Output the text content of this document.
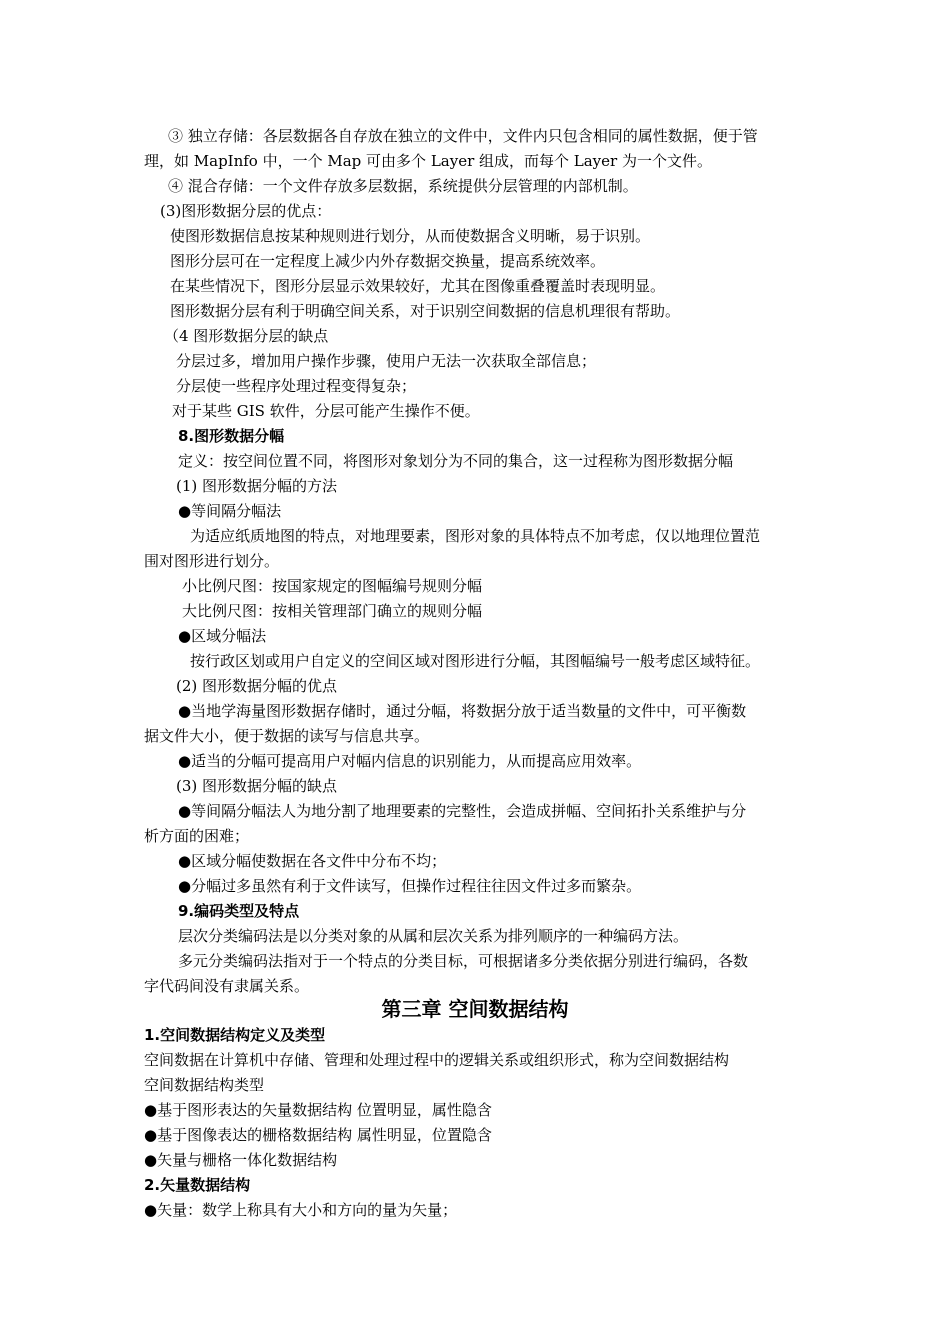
③ 独立存储：各层数据各自存放在独立的文件中，文件内只包含相同的属性数据，便于管
理，如 MapInfo 中，一个 Map 可由多个 Layer 组成，而每个 Layer 为一个文件。
④ 混合存储：一个文件存放多层数据，系统提供分层管理的内部机制。
(3)图形数据分层的优点：
使图形数据信息按某种规则进行划分，从而使数据含义明晰，易于识别。
图形分层可在一定程度上减少内外存数据交换量，提高系统效率。
在某些情况下，图形分层显示效果较好，尤其在图像重叠覆盖时表现明显。
图形数据分层有利于明确空间关系，对于识别空间数据的信息机理很有帮助。
（4 图形数据分层的缺点
分层过多，增加用户操作步骤，使用户无法一次获取全部信息；
分层使一些程序处理过程变得复杂；
对于某些 GIS 软件，分层可能产生操作不便。
8.图形数据分幅
定义：按空间位置不同，将图形对象划分为不同的集合，这一过程称为图形数据分幅
(1) 图形数据分幅的方法
●等间隔分幅法
为适应纸质地图的特点，对地理要素，图形对象的具体特点不加考虑，仅以地理位置范
围对图形进行划分。
小比例尺图：按国家规定的图幅编号规则分幅
大比例尺图：按相关管理部门确立的规则分幅
●区域分幅法
按行政区划或用户自定义的空间区域对图形进行分幅，其图幅编号一般考虑区域特征。
(2) 图形数据分幅的优点
●当地学海量图形数据存储时，通过分幅，将数据分放于适当数量的文件中，可平衡数
据文件大小，便于数据的读写与信息共享。
●适当的分幅可提高用户对幅内信息的识别能力，从而提高应用效率。
(3) 图形数据分幅的缺点
●等间隔分幅法人为地分割了地理要素的完整性，会造成拼幅、空间拓扑关系维护与分
析方面的困难；
●区域分幅使数据在各文件中分布不均；
●分幅过多虽然有利于文件读写，但操作过程往往因文件过多而繁杂。
9.编码类型及特点
层次分类编码法是以分类对象的从属和层次关系为排列顺序的一种编码方法。
多元分类编码法指对于一个特点的分类目标，可根据诸多分类依据分别进行编码，各数
字代码间没有隶属关系。
第三章 空间数据结构
1.空间数据结构定义及类型
空间数据在计算机中存储、管理和处理过程中的逻辑关系或组织形式，称为空间数据结构
空间数据结构类型
●基于图形表达的矢量数据结构 位置明显，属性隐含
●基于图像表达的栅格数据结构 属性明显，位置隐含
●矢量与栅格一体化数据结构
2.矢量数据结构
●矢量：数学上称具有大小和方向的量为矢量；
